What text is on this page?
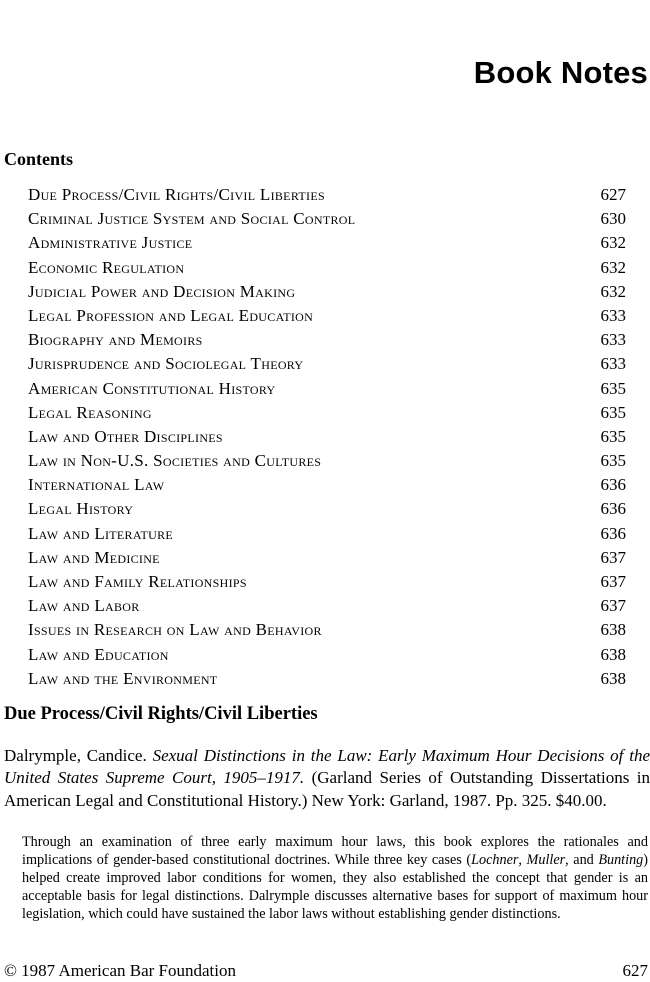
Book Notes
Contents
Due Process/Civil Rights/Civil Liberties	627
Criminal Justice System and Social Control	630
Administrative Justice	632
Economic Regulation	632
Judicial Power and Decision Making	632
Legal Profession and Legal Education	633
Biography and Memoirs	633
Jurisprudence and Sociolegal Theory	633
American Constitutional History	635
Legal Reasoning	635
Law and Other Disciplines	635
Law in Non-U.S. Societies and Cultures	635
International Law	636
Legal History	636
Law and Literature	636
Law and Medicine	637
Law and Family Relationships	637
Law and Labor	637
Issues in Research on Law and Behavior	638
Law and Education	638
Law and the Environment	638
Due Process/Civil Rights/Civil Liberties

Dalrymple, Candice. Sexual Distinctions in the Law: Early Maximum Hour Decisions of the United States Supreme Court, 1905–1917. (Garland Series of Outstanding Dissertations in American Legal and Constitutional History.) New York: Garland, 1987. Pp. 325. $40.00.

Through an examination of three early maximum hour laws, this book explores the rationales and implications of gender-based constitutional doctrines. While three key cases (Lochner, Muller, and Bunting) helped create improved labor conditions for women, they also established the concept that gender is an acceptable basis for legal distinctions. Dalrymple discusses alternative bases for support of maximum hour legislation, which could have sustained the labor laws without establishing gender distinctions.

© 1987 American Bar Foundation	627
